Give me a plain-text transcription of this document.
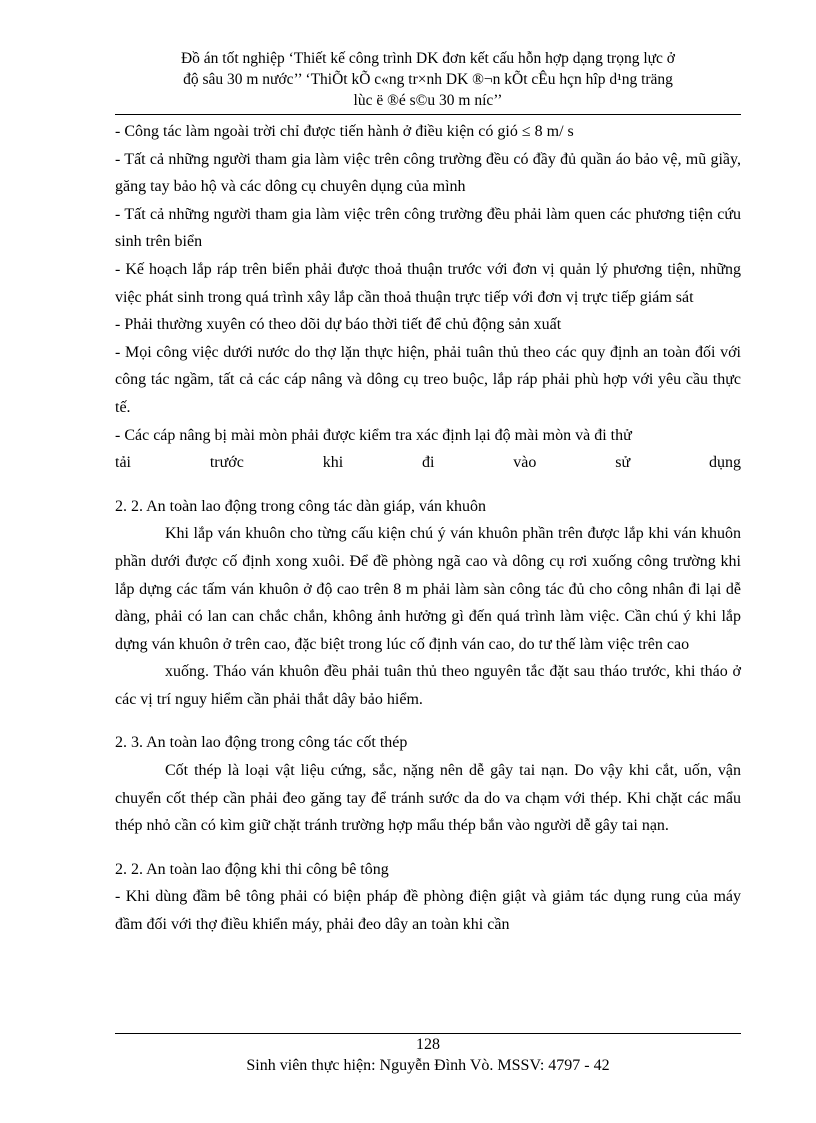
Đồ án tốt nghiệp ‘Thiết kế công trình DK đơn kết cấu hỗn hợp dạng trọng lực ở
độ sâu 30 m nước’’ ‘ThiÕt kÕ c«ng tr×nh DK ®¬n kÕt cÊu hçn hîp d¹ng träng
lùc ë ®é s©u 30 m níc’’

- Công tác làm ngoài trời chỉ được tiến hành ở điều kiện có gió ≤ 8 m/ s

- Tất cả những người tham gia làm việc trên công trường đều có đầy đủ quần áo bảo vệ, mũ giầy, găng tay bảo hộ và các dông cụ chuyên dụng của mình

- Tất cả những người tham gia làm việc trên công trường đều phải làm quen các phương tiện cứu sinh trên biển

- Kế hoạch lắp ráp trên biển phải được thoả thuận trước với đơn vị quản lý phương tiện, những việc phát sinh trong quá trình xây lắp cần thoả thuận trực tiếp với đơn vị trực tiếp giám sát

- Phải thường xuyên có theo dõi dự báo thời tiết để chủ động sản xuất

- Mọi công việc dưới nước do thợ lặn thực hiện, phải tuân thủ theo các quy định an toàn đối với công tác ngầm, tất cả các cáp nâng và dông cụ treo buộc, lắp ráp phải phù hợp với yêu cầu thực tế.

- Các cáp nâng bị mài mòn phải được kiểm tra xác định lại độ mài mòn và đi thử

tải trước khi đi vào sử dụng

2. 2. An toàn lao động trong công tác dàn giáp, ván khuôn

Khi lắp ván khuôn cho từng cấu kiện chú ý ván khuôn phần trên được lắp khi ván khuôn phần dưới được cố định xong xuôi. Để đề phòng ngã cao và dông cụ rơi xuống công trường khi lắp dựng các tấm ván khuôn ở độ cao trên 8 m phải làm sàn công tác đủ cho công nhân đi lại dễ dàng, phải có lan can chắc chắn, không ảnh hưởng gì đến quá trình làm việc. Cần chú ý khi lắp dựng ván khuôn ở trên cao, đặc biệt trong lúc cố định ván cao, do tư thế làm việc trên cao

xuống. Tháo ván khuôn đều phải tuân thủ theo nguyên tắc đặt sau tháo trước, khi tháo ở các vị trí nguy hiểm cần phải thắt dây bảo hiểm.

2. 3. An toàn lao động trong công tác cốt thép

Cốt thép là loại vật liệu cứng, sắc, nặng nên dễ gây tai nạn. Do vậy khi cắt, uốn, vận chuyển cốt thép cần phải đeo găng tay để tránh sước da do va chạm với thép. Khi chặt các mẩu thép nhỏ cần có kìm giữ chặt tránh trường hợp mẩu thép bắn vào người dễ gây tai nạn.

2. 2. An toàn lao động khi thi công bê tông

- Khi dùng đầm bê tông phải có biện pháp đề phòng điện giật và giảm tác dụng rung của máy đầm đối với thợ điều khiển máy, phải đeo dây an toàn khi cần

128
Sinh viên thực hiện: Nguyễn Đình Vò. MSSV: 4797 - 42
